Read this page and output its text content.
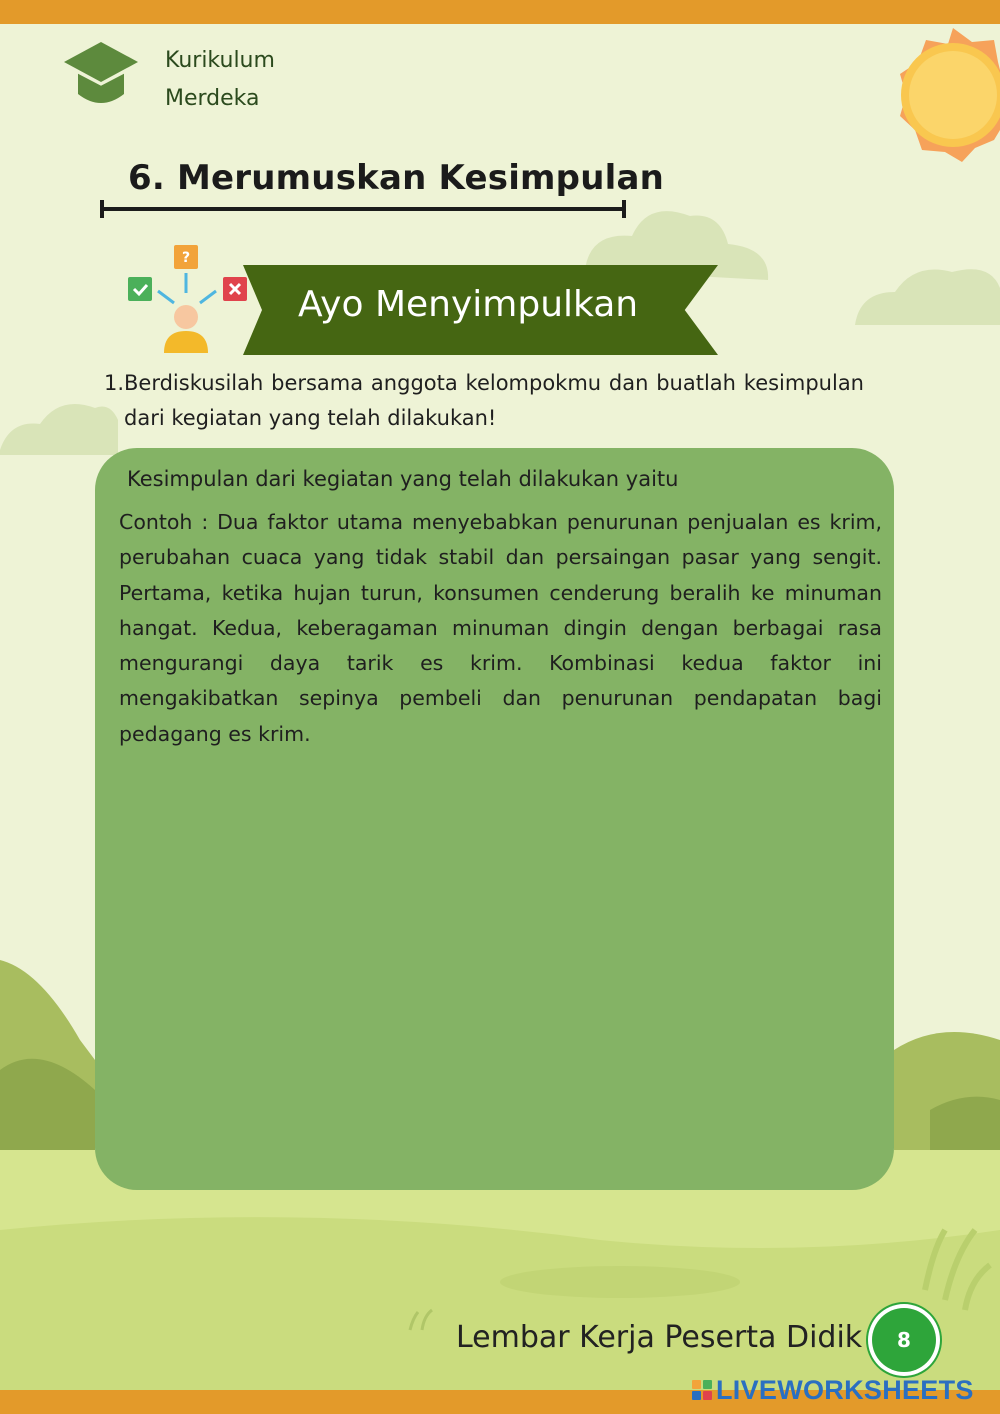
Kurikulum
Merdeka
6. Merumuskan Kesimpulan
?
Ayo Menyimpulkan
1. Berdiskusilah bersama anggota kelompokmu dan buatlah kesimpulan dari kegiatan yang telah dilakukan!
Kesimpulan dari kegiatan yang telah dilakukan yaitu
Contoh : Dua faktor utama menyebabkan penurunan penjualan es krim, perubahan cuaca yang tidak stabil dan persaingan pasar yang sengit. Pertama, ketika hujan turun, konsumen cenderung beralih ke minuman hangat. Kedua, keberagaman minuman dingin dengan berbagai rasa mengurangi daya tarik es krim. Kombinasi kedua faktor ini mengakibatkan sepinya pembeli dan penurunan pendapatan bagi pedagang es krim.
Lembar Kerja Peserta Didik	8
LIVEWORKSHEETS
